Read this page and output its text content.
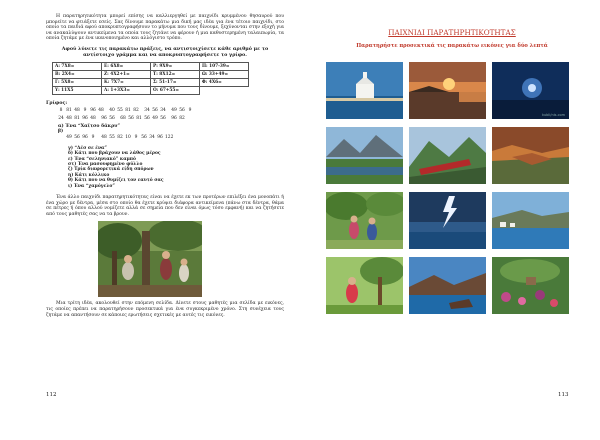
Η παρατηρητικότητα μπορεί επίσης να καλλιεργηθεί με παιχνίδι κρυμμένου θησαυρού που μπορείτε να φτιάξετε εσείς. Σας δίνουμε παρακάτω μια δική μας ιδέα για ένα τέτοιο παιχνίδι, στο οποίο τα παιδιά αφού αποκρυπτογραφήσουν το μήνυμα που τους δίνουμε, ξεχύνονται στην εξοχή για να ανακαλύψουν αντικείμενα τα οποία τους ζητάνε να φέρουν ή μια καθυστερημένη ταλαιπωρία, τα οποία ζητάμε με ένα ικανοποιημένο και αλλόγιστο τρόπο.

Αφού λύνετε τις παρακάτω πράξεις, να αντιστοιχίσετε κάθε αριθμό με το αντίστοιχο γράμμα και να αποκρυπτογραφήσετε το γρίφο.

Α: 7Χ8=	Ε: 6Χ8=	Ρ: 9Χ9=	Π: 107-39=
Β: 2Χ4=	Ζ: 4Χ2+1=	Τ: 8Χ12=	Ω: 33+49=
Γ: 5Χ8=	Κ: 7Χ7=	Σ: 51-17=	Φ: 4Χ6=
Υ: 11Χ5	Λ: 1+3Χ3=	Ο: 67+55=	
Γρίφος:
8 81 48 9 96 48 40 55 81 82 34 56 34 49 56 9
24 48 81 96 48 96 56 68 56 81 56 49 56 96 82
α) Ένα “Χαϊτσο δάκρυ”
β)
49 56 96 9	48 55 82 10 9 56 34 96 122
γ) “Δέσ σε ένα”
δ) Κάτι που βράχουν να λάθος μέρος
ε) Ένα “σεληνιακό” καμπό
στ) Ένα μασουφημένο φύλλο
ζ) Τρία διαφορετικά είδη σπόρων
η) Κάτι κόλλικο
θ) Κάτι που να θυμίζει τον εαυτό σας
ι) Ένα “χαμόγελο”

Ένα άλλο παιχνίδι παρατηρητικότητας είναι να έχετε εκ των προτέρων επιλέξει ένα μονοπάτι ή ένα χώρο με δέντρα, μέσα στο οποίο θα έχετε κρύψει διάφορα αντικείμενα (πάνω στα δέντρα, θάμα σε πέτρες ή όπου αλλού νομίζετε αλλά σε σημεία που δεν είναι όμως τόσο εμφανή) και να ζητήσετε από τους μαθητές σας να τα βρουν.

Μια τρίτη ιδέα, ακολουθεί στην επόμενη σελίδα. Δίνετε στους μαθητές μια σελίδα με εικόνες, τις οποίες πρέπει να παρατηρήσουν προσεκτικά για ένα συγκεκριμένο χρόνο. Στη συνέχεια τους ζητάμε να απαντήσουν σε κάποιες ερωτήσεις σχετικές με αυτές τις εικόνες.

112
ΠΑΙΧΝΙΔΙ ΠΑΡΑΤΗΡΗΤΙΚΟΤΗΤΑΣ
Παρατηρήστε προσεκτικά τις παρακάτω εικόνες για δύο λεπτά
kubli/nis.com
113
